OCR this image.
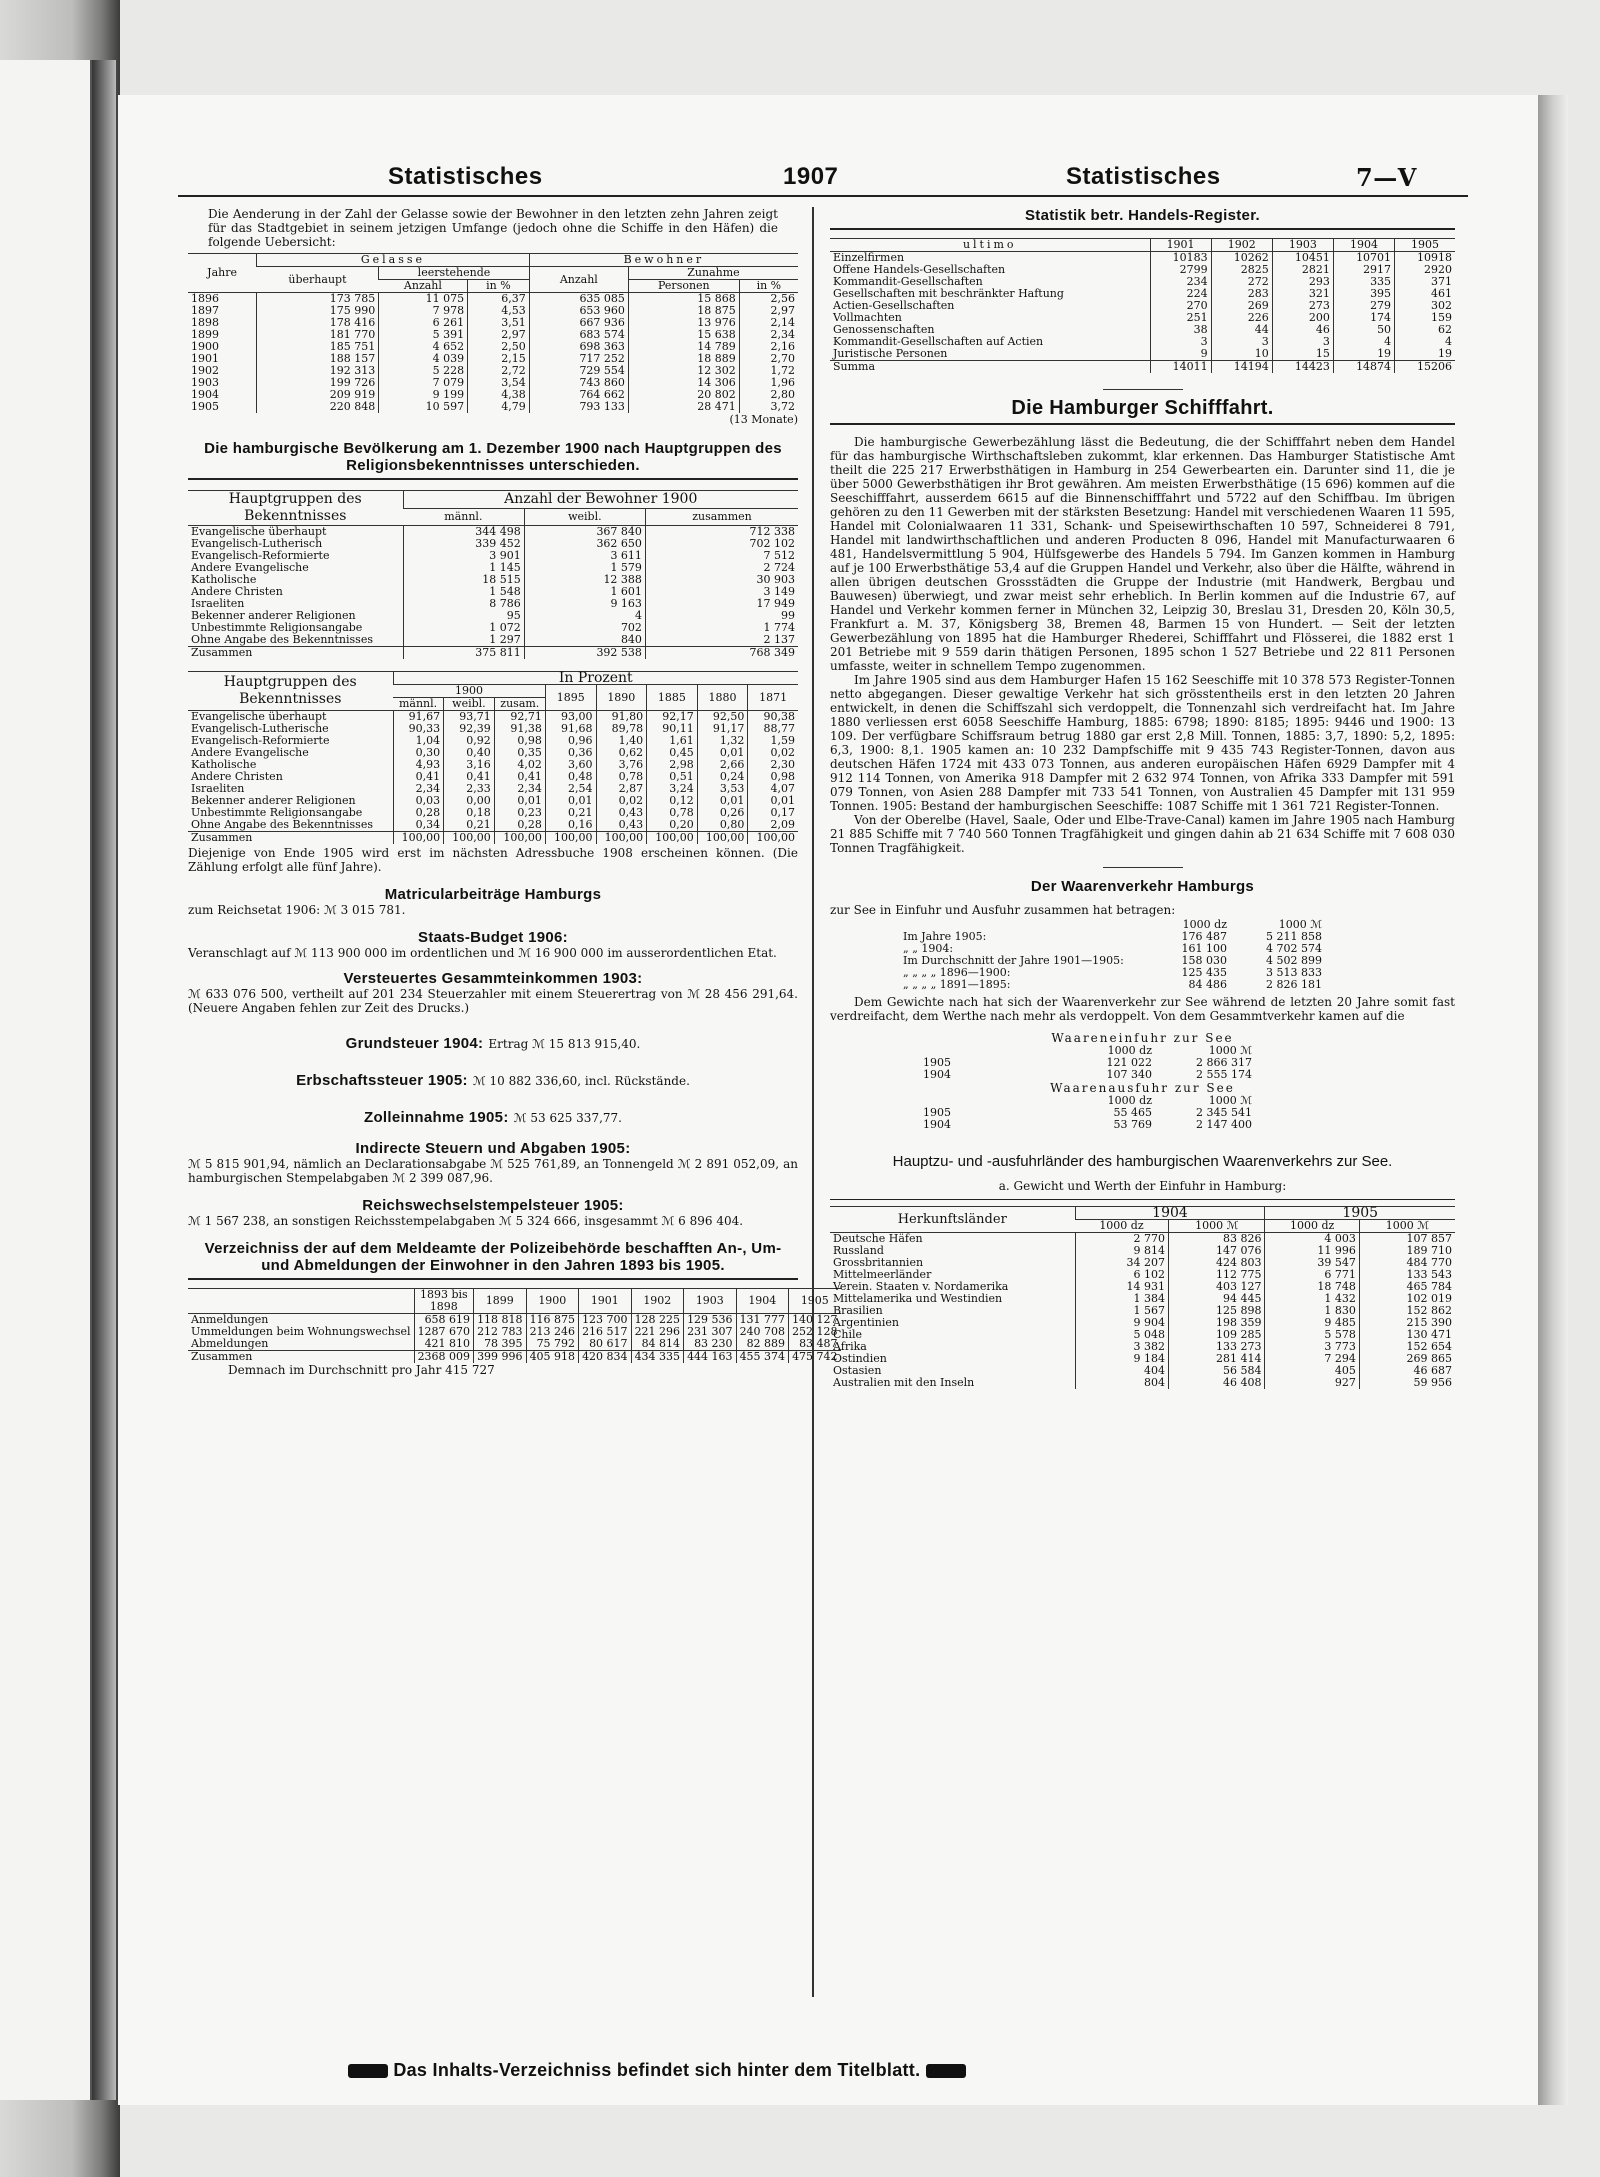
Statistisches	1907	Statistisches	7—V

Die Aenderung in der Zahl der Gelasse sowie der Bewohner in den letzten zehn Jahren zeigt für das Stadtgebiet in seinem jetzigen Umfange (jedoch ohne die Schiffe in den Häfen) die folgende Uebersicht:

Jahre	Gelasse			Bewohner		
	überhaupt	leerstehende		Anzahl	Zunahme	
		Anzahl	in %		Personen	in %
1896	173 785	11 075	6,37	635 085	15 868	2,56
1897	175 990	7 978	4,53	653 960	18 875	2,97
1898	178 416	6 261	3,51	667 936	13 976	2,14
1899	181 770	5 391	2,97	683 574	15 638	2,34
1900	185 751	4 652	2,50	698 363	14 789	2,16
1901	188 157	4 039	2,15	717 252	18 889	2,70
1902	192 313	5 228	2,72	729 554	12 302	1,72
1903	199 726	7 079	3,54	743 860	14 306	1,96
1904	209 919	9 199	4,38	764 662	20 802	2,80
1905	220 848	10 597	4,79	793 133	28 471	3,72
(13 Monate)
Die hamburgische Bevölkerung am 1. Dezember 1900 nach Hauptgruppen des Religionsbekenntnisses unterschieden.
Hauptgruppen des Bekenntnisses	Anzahl der Bewohner 1900		
	männl.	weibl.	zusammen
Evangelische überhaupt	344 498	367 840	712 338
Evangelisch-Lutherisch	339 452	362 650	702 102
Evangelisch-Reformierte	3 901	3 611	7 512
Andere Evangelische	1 145	1 579	2 724
Katholische	18 515	12 388	30 903
Andere Christen	1 548	1 601	3 149
Israeliten	8 786	9 163	17 949
Bekenner anderer Religionen	95	4	99
Unbestimmte Religionsangabe	1 072	702	1 774
Ohne Angabe des Bekenntnisses	1 297	840	2 137
Zusammen	375 811	392 538	768 349
Hauptgruppen des Bekenntnisses	In Prozent							
	1900			1895	1890	1885	1880	1871
	männl.	weibl.	zusam.					
Evangelische überhaupt	91,67	93,71	92,71	93,00	91,80	92,17	92,50	90,38
Evangelisch-Lutherische	90,33	92,39	91,38	91,68	89,78	90,11	91,17	88,77
Evangelisch-Reformierte	1,04	0,92	0,98	0,96	1,40	1,61	1,32	1,59
Andere Evangelische	0,30	0,40	0,35	0,36	0,62	0,45	0,01	0,02
Katholische	4,93	3,16	4,02	3,60	3,76	2,98	2,66	2,30
Andere Christen	0,41	0,41	0,41	0,48	0,78	0,51	0,24	0,98
Israeliten	2,34	2,33	2,34	2,54	2,87	3,24	3,53	4,07
Bekenner anderer Religionen	0,03	0,00	0,01	0,01	0,02	0,12	0,01	0,01
Unbestimmte Religionsangabe	0,28	0,18	0,23	0,21	0,43	0,78	0,26	0,17
Ohne Angabe des Bekenntnisses	0,34	0,21	0,28	0,16	0,43	0,20	0,80	2,09
Zusammen	100,00	100,00	100,00	100,00	100,00	100,00	100,00	100,00

Diejenige von Ende 1905 wird erst im nächsten Adressbuche 1908 erscheinen können. (Die Zählung erfolgt alle fünf Jahre).

Matricularbeiträge Hamburgs

zum Reichsetat 1906: ℳ 3 015 781.

Staats-Budget 1906:

Veranschlagt auf ℳ 113 900 000 im ordentlichen und ℳ 16 900 000 im ausserordentlichen Etat.

Versteuertes Gesammteinkommen 1903:

ℳ 633 076 500, vertheilt auf 201 234 Steuerzahler mit einem Steuerertrag von ℳ 28 456 291,64. (Neuere Angaben fehlen zur Zeit des Drucks.)

Grundsteuer 1904: Ertrag ℳ 15 813 915,40.
Erbschaftssteuer 1905: ℳ 10 882 336,60, incl. Rückstände.
Zolleinnahme 1905: ℳ 53 625 337,77.
Indirecte Steuern und Abgaben 1905:

ℳ 5 815 901,94, nämlich an Declarationsabgabe ℳ 525 761,89, an Tonnengeld ℳ 2 891 052,09, an hamburgischen Stempelabgaben ℳ 2 399 087,96.

Reichswechselstempelsteuer 1905:

ℳ 1 567 238, an sonstigen Reichsstempelabgaben ℳ 5 324 666, insgesammt ℳ 6 896 404.

Verzeichniss der auf dem Meldeamte der Polizeibehörde beschafften An-, Um- und Abmeldungen der Einwohner in den Jahren 1893 bis 1905.
	1893 bis 1898	1899	1900	1901	1902	1903	1904	1905
Anmeldungen	658 619	118 818	116 875	123 700	128 225	129 536	131 777	140 127
Ummeldungen beim Wohnungswechsel	1287 670	212 783	213 246	216 517	221 296	231 307	240 708	252 128
Abmeldungen	421 810	78 395	75 792	80 617	84 814	83 230	82 889	83 487
Zusammen	2368 009	399 996	405 918	420 834	434 335	444 163	455 374	475 742
Demnach im Durchschnitt pro Jahr 415 727
Statistik betr. Handels-Register.
ultimo	1901	1902	1903	1904	1905
Einzelfirmen	10183	10262	10451	10701	10918
Offene Handels-Gesellschaften	2799	2825	2821	2917	2920
Kommandit-Gesellschaften	234	272	293	335	371
Gesellschaften mit beschränkter Haftung	224	283	321	395	461
Actien-Gesellschaften	270	269	273	279	302
Vollmachten	251	226	200	174	159
Genossenschaften	38	44	46	50	62
Kommandit-Gesellschaften auf Actien	3	3	3	4	4
Juristische Personen	9	10	15	19	19
Summa	14011	14194	14423	14874	15206
Die Hamburger Schifffahrt.

Die hamburgische Gewerbezählung lässt die Bedeutung, die der Schifffahrt neben dem Handel für das hamburgische Wirthschaftsleben zukommt, klar erkennen. Das Hamburger Statistische Amt theilt die 225 217 Erwerbsthätigen in Hamburg in 254 Gewerbearten ein. Darunter sind 11, die je über 5000 Gewerbsthätigen ihr Brot gewähren. Am meisten Erwerbsthätige (15 696) kommen auf die Seeschifffahrt, ausserdem 6615 auf die Binnenschifffahrt und 5722 auf den Schiffbau. Im übrigen gehören zu den 11 Gewerben mit der stärksten Besetzung: Handel mit verschiedenen Waaren 11 595, Handel mit Colonialwaaren 11 331, Schank- und Speisewirthschaften 10 597, Schneiderei 8 791, Handel mit landwirthschaftlichen und anderen Producten 8 096, Handel mit Manufacturwaaren 6 481, Handelsvermittlung 5 904, Hülfsgewerbe des Handels 5 794. Im Ganzen kommen in Hamburg auf je 100 Erwerbsthätige 53,4 auf die Gruppen Handel und Verkehr, also über die Hälfte, während in allen übrigen deutschen Grossstädten die Gruppe der Industrie (mit Handwerk, Bergbau und Bauwesen) überwiegt, und zwar meist sehr erheblich. In Berlin kommen auf die Industrie 67, auf Handel und Verkehr kommen ferner in München 32, Leipzig 30, Breslau 31, Dresden 20, Köln 30,5, Frankfurt a. M. 37, Königsberg 38, Bremen 48, Barmen 15 von Hundert. — Seit der letzten Gewerbezählung von 1895 hat die Hamburger Rhederei, Schifffahrt und Flösserei, die 1882 erst 1 201 Betriebe mit 9 559 darin thätigen Personen, 1895 schon 1 527 Betriebe und 22 811 Personen umfasste, weiter in schnellem Tempo zugenommen.

Im Jahre 1905 sind aus dem Hamburger Hafen 15 162 Seeschiffe mit 10 378 573 Register-Tonnen netto abgegangen. Dieser gewaltige Verkehr hat sich grösstentheils erst in den letzten 20 Jahren entwickelt, in denen die Schiffszahl sich verdoppelt, die Tonnenzahl sich verdreifacht hat. Im Jahre 1880 verliessen erst 6058 Seeschiffe Hamburg, 1885: 6798; 1890: 8185; 1895: 9446 und 1900: 13 109. Der verfügbare Schiffsraum betrug 1880 gar erst 2,8 Mill. Tonnen, 1885: 3,7, 1890: 5,2, 1895: 6,3, 1900: 8,1. 1905 kamen an: 10 232 Dampfschiffe mit 9 435 743 Register-Tonnen, davon aus deutschen Häfen 1724 mit 433 073 Tonnen, aus anderen europäischen Häfen 6929 Dampfer mit 4 912 114 Tonnen, von Amerika 918 Dampfer mit 2 632 974 Tonnen, von Afrika 333 Dampfer mit 591 079 Tonnen, von Asien 288 Dampfer mit 733 541 Tonnen, von Australien 45 Dampfer mit 131 959 Tonnen. 1905: Bestand der hamburgischen Seeschiffe: 1087 Schiffe mit 1 361 721 Register-Tonnen.

Von der Oberelbe (Havel, Saale, Oder und Elbe-Trave-Canal) kamen im Jahre 1905 nach Hamburg 21 885 Schiffe mit 7 740 560 Tonnen Tragfähigkeit und gingen dahin ab 21 634 Schiffe mit 7 608 030 Tonnen Tragfähigkeit.

Der Waarenverkehr Hamburgs

zur See in Einfuhr und Ausfuhr zusammen hat betragen:

	1000 dz	1000 ℳ
Im Jahre 1905:	176 487	5 211 858
„ „ 1904:	161 100	4 702 574
Im Durchschnitt der Jahre 1901—1905:	158 030	4 502 899
„ „ „ „ 1896—1900:	125 435	3 513 833
„ „ „ „ 1891—1895:	84 486	2 826 181

Dem Gewichte nach hat sich der Waarenverkehr zur See während de letzten 20 Jahre somit fast verdreifacht, dem Werthe nach mehr als verdoppelt. Von dem Gesammtverkehr kamen auf die

Waareneinfuhr zur See
	1000 dz	1000 ℳ
1905	121 022	2 866 317
1904	107 340	2 555 174
Waarenausfuhr zur See
	1000 dz	1000 ℳ
1905	55 465	2 345 541
1904	53 769	2 147 400
Hauptzu- und -ausfuhrländer des hamburgischen Waarenverkehrs zur See.
a. Gewicht und Werth der Einfuhr in Hamburg:
Herkunftsländer	1904		1905	
	1000 dz	1000 ℳ	1000 dz	1000 ℳ
Deutsche Häfen	2 770	83 826	4 003	107 857
Russland	9 814	147 076	11 996	189 710
Grossbritannien	34 207	424 803	39 547	484 770
Mittelmeerländer	6 102	112 775	6 771	133 543
Verein. Staaten v. Nordamerika	14 931	403 127	18 748	465 784
Mittelamerika und Westindien	1 384	94 445	1 432	102 019
Brasilien	1 567	125 898	1 830	152 862
Argentinien	9 904	198 359	9 485	215 390
Chile	5 048	109 285	5 578	130 471
Afrika	3 382	133 273	3 773	152 654
Ostindien	9 184	281 414	7 294	269 865
Ostasien	404	56 584	405	46 687
Australien mit den Inseln	804	46 408	927	59 956
Das Inhalts-Verzeichniss befindet sich hinter dem Titelblatt.
